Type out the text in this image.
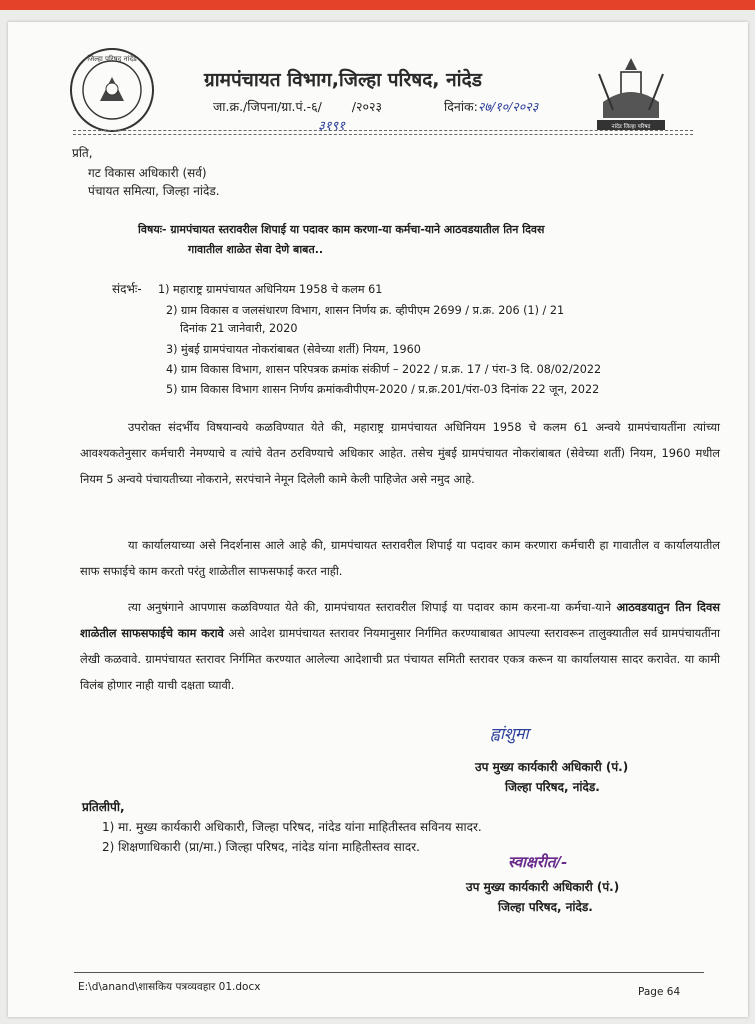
जिल्हा परिषद नांदेड
नांदेड जिल्हा परिषद
ग्रामपंचायत विभाग,जिल्हा परिषद, नांदेड
जा.क्र./जिपना/ग्रा.पं.-६/ /२०२३	दिनांक:२७/१०/२०२३
३१९१
प्रति,
गट विकास अधिकारी (सर्व)
पंचायत समित्या, जिल्हा नांदेड.
विषयः- ग्रामपंचायत स्तरावरील शिपाई या पदावर काम करणा-या कर्मचा-याने आठवडयातील तिन दिवस
गावातील शाळेत सेवा देणे बाबत..
संदर्भः- 1) महाराष्ट्र ग्रामपंचायत अधिनियम 1958 चे कलम 61
2) ग्राम विकास व जलसंधारण विभाग, शासन निर्णय क्र. व्हीपीएम 2699 / प्र.क्र. 206 (1) / 21
दिनांक 21 जानेवारी, 2020
3) मुंबई ग्रामपंचायत नोकरांबाबत (सेवेच्या शर्ती) नियम, 1960
4) ग्राम विकास विभाग, शासन परिपत्रक क्रमांक संकीर्ण – 2022 / प्र.क्र. 17 / पंरा-3 दि. 08/02/2022
5) ग्राम विकास विभाग शासन निर्णय क्रमांकवीपीएम-2020 / प्र.क्र.201/पंरा-03 दिनांक 22 जून, 2022
उपरोक्त संदर्भीय विषयान्वये कळविण्यात येते की, महाराष्ट्र ग्रामपंचायत अधिनियम 1958 चे कलम 61 अन्वये ग्रामपंचायतींना त्यांच्या आवश्यकतेनुसार कर्मचारी नेमण्याचे व त्यांचे वेतन ठरविण्याचे अधिकार आहेत. तसेच मुंबई ग्रामपंचायत नोकरांबाबत (सेवेच्या शर्ती) नियम, 1960 मधील नियम 5 अन्वये पंचायतीच्या नोकराने, सरपंचाने नेमून दिलेली कामे केली पाहिजेत असे नमुद आहे.
या कार्यालयाच्या असे निदर्शनास आले आहे की, ग्रामपंचायत स्तरावरील शिपाई या पदावर काम करणारा कर्मचारी हा गावातील व कार्यालयातील साफ सफाईचे काम करतो परंतु शाळेतील साफसफाई करत नाही.
त्या अनुषंगाने आपणास कळविण्यात येते की, ग्रामपंचायत स्तरावरील शिपाई या पदावर काम करना-या कर्मचा-याने आठवडयातुन तिन दिवस शाळेतील साफसफाईचे काम करावे असे आदेश ग्रामपंचायत स्तरावर नियमानुसार निर्गमित करण्याबाबत आपल्या स्तरावरून तालुक्यातील सर्व ग्रामपंचायतींना लेखी कळवावे. ग्रामपंचायत स्तरावर निर्गमित करण्यात आलेल्या आदेशाची प्रत पंचायत समिती स्तरावर एकत्र करून या कार्यालयास सादर करावेत. या कामी विलंब होणार नाही याची दक्षता घ्यावी.
ह्वांशुमा
उप मुख्य कार्यकारी अधिकारी (पं.)
जिल्हा परिषद, नांदेड.
प्रतिलीपी,
1) मा. मुख्य कार्यकारी अधिकारी, जिल्हा परिषद, नांदेड यांना माहितीस्तव सविनय सादर.
2) शिक्षणाधिकारी (प्रा/मा.) जिल्हा परिषद, नांदेड यांना माहितीस्तव सादर.
स्वाक्षरीत/-
उप मुख्य कार्यकारी अधिकारी (पं.)
जिल्हा परिषद, नांदेड.
E:\d\anand\शासकिय पत्रव्यवहार 01.docx	Page 64
